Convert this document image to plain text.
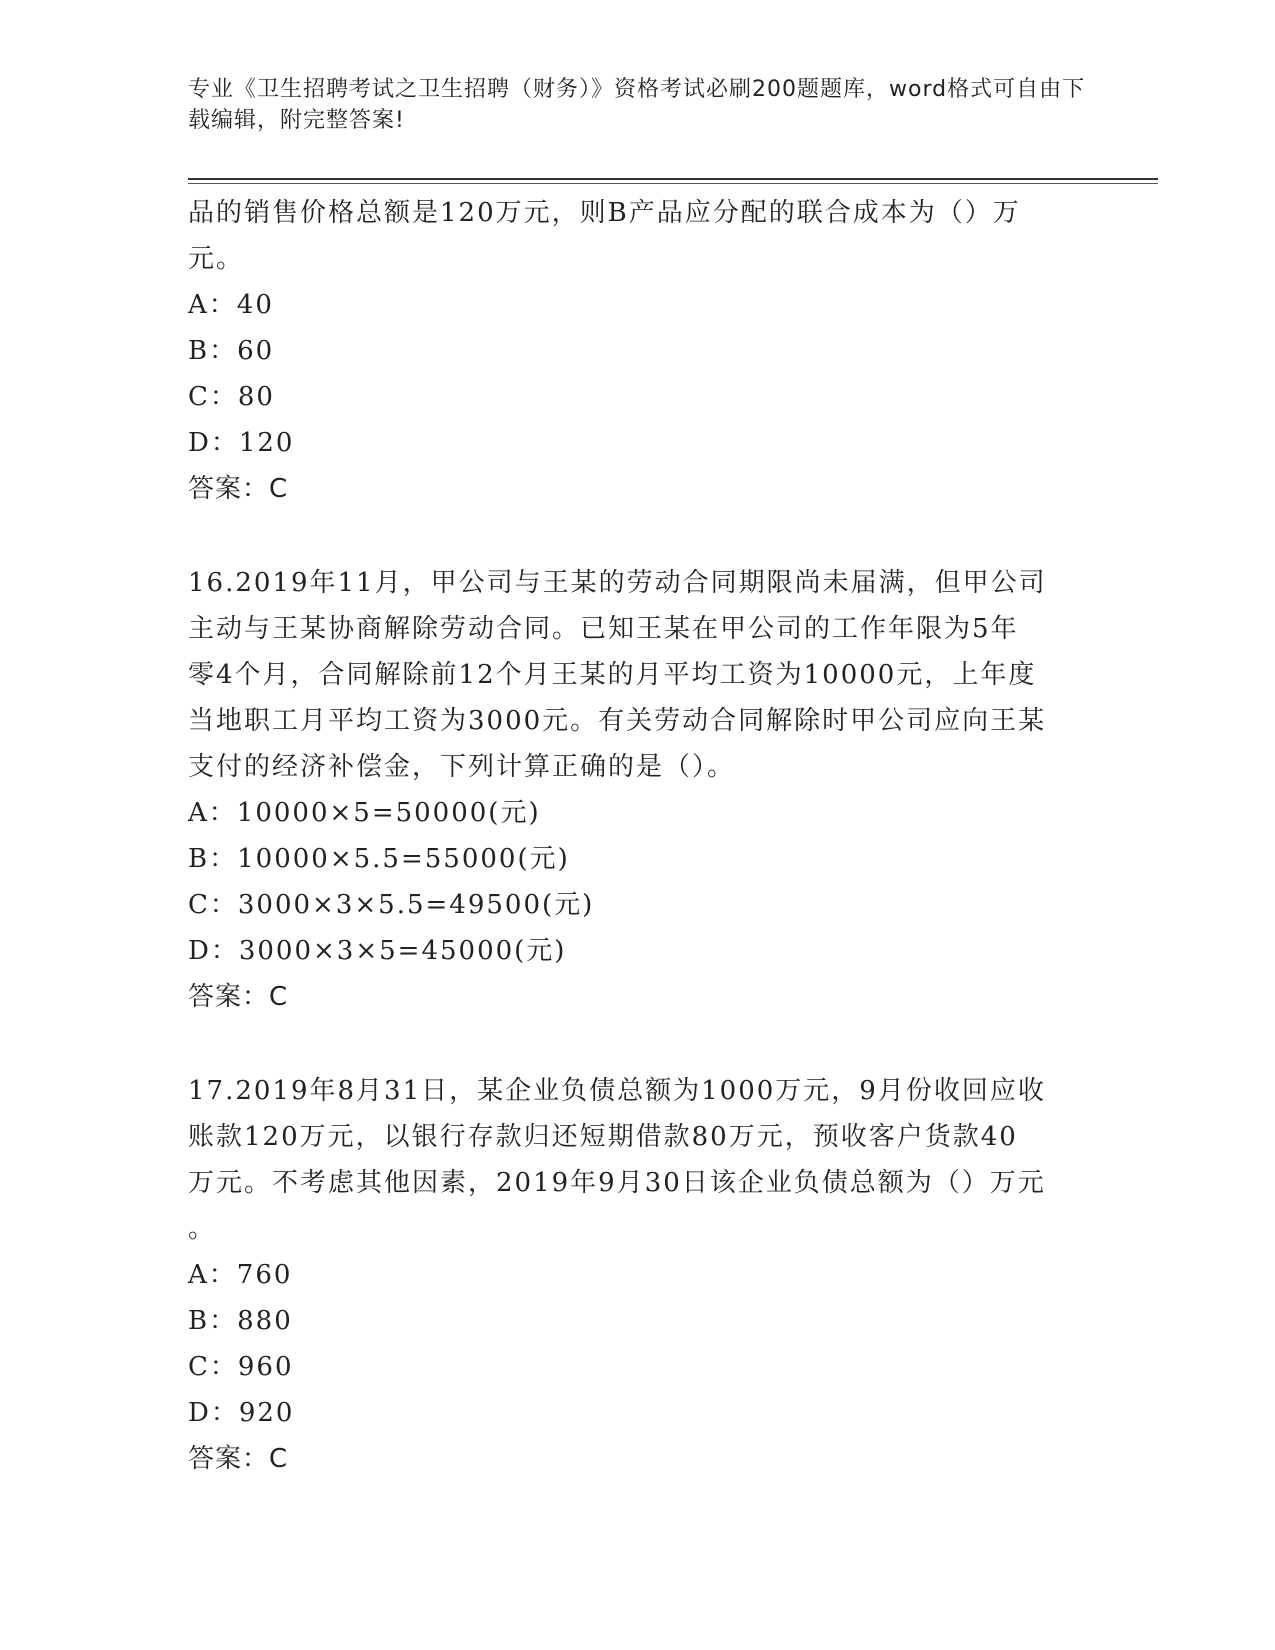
专业《卫生招聘考试之卫生招聘（财务）》资格考试必刷200题题库，word格式可自由下载编辑，附完整答案!

品的销售价格总额是120万元，则B产品应分配的联合成本为（）万

元。

A：40

B：60

C：80

D：120

答案：C

16.2019年11月，甲公司与王某的劳动合同期限尚未届满，但甲公司

主动与王某协商解除劳动合同。已知王某在甲公司的工作年限为5年

零4个月，合同解除前12个月王某的月平均工资为10000元，上年度

当地职工月平均工资为3000元。有关劳动合同解除时甲公司应向王某

支付的经济补偿金，下列计算正确的是（）。

A：10000×5=50000(元)

B：10000×5.5=55000(元)

C：3000×3×5.5=49500(元)

D：3000×3×5=45000(元)

答案：C

17.2019年8月31日，某企业负债总额为1000万元，9月份收回应收

账款120万元，以银行存款归还短期借款80万元，预收客户货款40

万元。不考虑其他因素，2019年9月30日该企业负债总额为（）万元

。

A：760

B：880

C：960

D：920

答案：C
